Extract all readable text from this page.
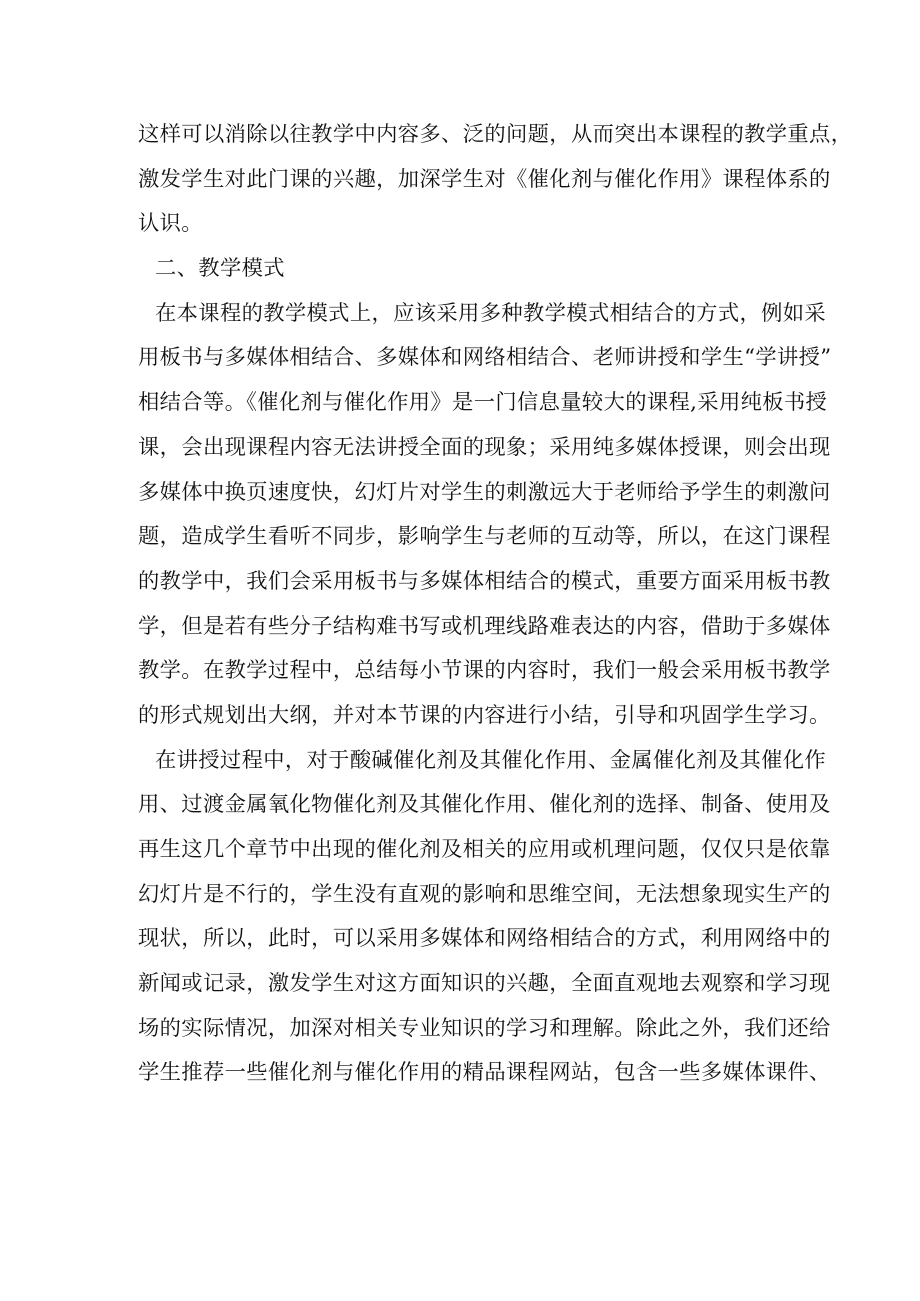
这样可以消除以往教学中内容多、泛的问题，从而突出本课程的教学重点，
激发学生对此门课的兴趣，加深学生对《催化剂与催化作用》课程体系的
认识。
二、教学模式
在本课程的教学模式上，应该采用多种教学模式相结合的方式，例如采
用板书与多媒体相结合、多媒体和网络相结合、老师讲授和学生“学讲授”
相结合等。《催化剂与催化作用》是一门信息量较大的课程,采用纯板书授
课，会出现课程内容无法讲授全面的现象；采用纯多媒体授课，则会出现
多媒体中换页速度快，幻灯片对学生的刺激远大于老师给予学生的刺激问
题，造成学生看听不同步，影响学生与老师的互动等，所以，在这门课程
的教学中，我们会采用板书与多媒体相结合的模式，重要方面采用板书教
学，但是若有些分子结构难书写或机理线路难表达的内容，借助于多媒体
教学。在教学过程中，总结每小节课的内容时，我们一般会采用板书教学
的形式规划出大纲，并对本节课的内容进行小结，引导和巩固学生学习。
在讲授过程中，对于酸碱催化剂及其催化作用、金属催化剂及其催化作
用、过渡金属氧化物催化剂及其催化作用、催化剂的选择、制备、使用及
再生这几个章节中出现的催化剂及相关的应用或机理问题，仅仅只是依靠
幻灯片是不行的，学生没有直观的影响和思维空间，无法想象现实生产的
现状，所以，此时，可以采用多媒体和网络相结合的方式，利用网络中的
新闻或记录，激发学生对这方面知识的兴趣，全面直观地去观察和学习现
场的实际情况，加深对相关专业知识的学习和理解。除此之外，我们还给
学生推荐一些催化剂与催化作用的精品课程网站，包含一些多媒体课件、
